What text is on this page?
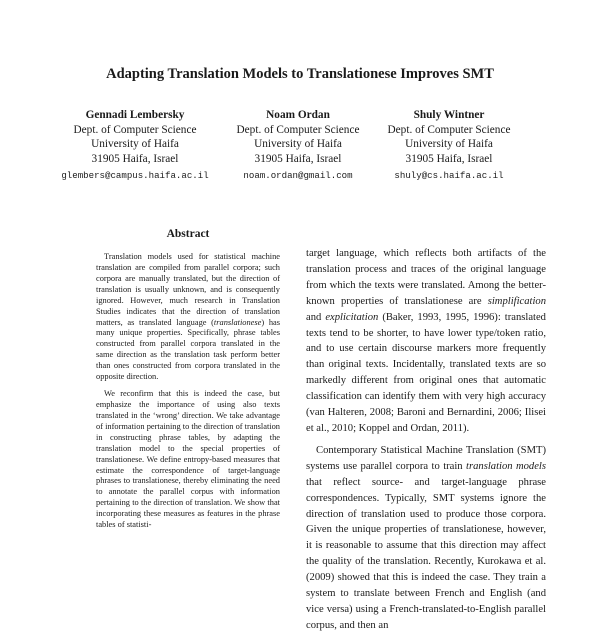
Adapting Translation Models to Translationese Improves SMT
Gennadi Lembersky
Dept. of Computer Science
University of Haifa
31905 Haifa, Israel
glembers@campus.haifa.ac.il
Noam Ordan
Dept. of Computer Science
University of Haifa
31905 Haifa, Israel
noam.ordan@gmail.com
Shuly Wintner
Dept. of Computer Science
University of Haifa
31905 Haifa, Israel
shuly@cs.haifa.ac.il
Abstract

Translation models used for statistical machine translation are compiled from parallel corpora; such corpora are manually translated, but the direction of translation is usually unknown, and is consequently ignored. However, much research in Translation Studies indicates that the direction of translation matters, as translated language (translationese) has many unique properties. Specifically, phrase tables constructed from parallel corpora translated in the same direction as the translation task perform better than ones constructed from corpora translated in the opposite direction.

We reconfirm that this is indeed the case, but emphasize the importance of using also texts translated in the ‘wrong’ direction. We take advantage of information pertaining to the direction of translation in constructing phrase tables, by adapting the translation model to the special properties of translationese. We define entropy-based measures that estimate the correspondence of target-language phrases to translationese, thereby eliminating the need to annotate the parallel corpus with information pertaining to the direction of translation. We show that incorporating these measures as features in the phrase tables of statisti-

target language, which reflects both artifacts of the translation process and traces of the original language from which the texts were translated. Among the better-known properties of translationese are simplification and explicitation (Baker, 1993, 1995, 1996): translated texts tend to be shorter, to have lower type/token ratio, and to use certain discourse markers more frequently than original texts. Incidentally, translated texts are so markedly different from original ones that automatic classification can identify them with very high accuracy (van Halteren, 2008; Baroni and Bernardini, 2006; Ilisei et al., 2010; Koppel and Ordan, 2011).

Contemporary Statistical Machine Translation (SMT) systems use parallel corpora to train translation models that reflect source- and target-language phrase correspondences. Typically, SMT systems ignore the direction of translation used to produce those corpora. Given the unique properties of translationese, however, it is reasonable to assume that this direction may affect the quality of the translation. Recently, Kurokawa et al. (2009) showed that this is indeed the case. They train a system to translate between French and English (and vice versa) using a French-translated-to-English parallel corpus, and then an
